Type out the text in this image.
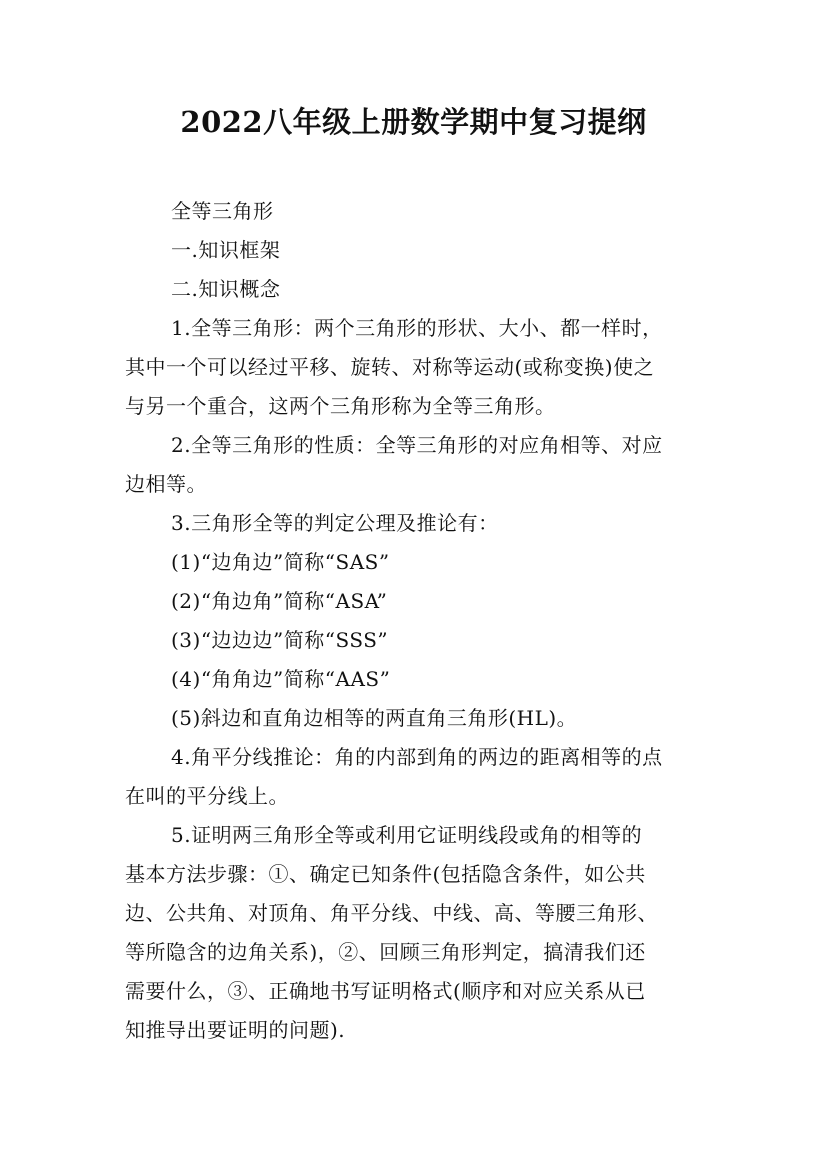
2022八年级上册数学期中复习提纲
全等三角形
一.知识框架
二.知识概念
1.全等三角形：两个三角形的形状、大小、都一样时，
其中一个可以经过平移、旋转、对称等运动(或称变换)使之
与另一个重合，这两个三角形称为全等三角形。
2.全等三角形的性质：全等三角形的对应角相等、对应
边相等。
3.三角形全等的判定公理及推论有：
(1)“边角边”简称“SAS”
(2)“角边角”简称“ASA”
(3)“边边边”简称“SSS”
(4)“角角边”简称“AAS”
(5)斜边和直角边相等的两直角三角形(HL)。
4.角平分线推论：角的内部到角的两边的距离相等的点
在叫的平分线上。
5.证明两三角形全等或利用它证明线段或角的相等的
基本方法步骤：①、确定已知条件(包括隐含条件，如公共
边、公共角、对顶角、角平分线、中线、高、等腰三角形、
等所隐含的边角关系)，②、回顾三角形判定，搞清我们还
需要什么，③、正确地书写证明格式(顺序和对应关系从已
知推导出要证明的问题).
